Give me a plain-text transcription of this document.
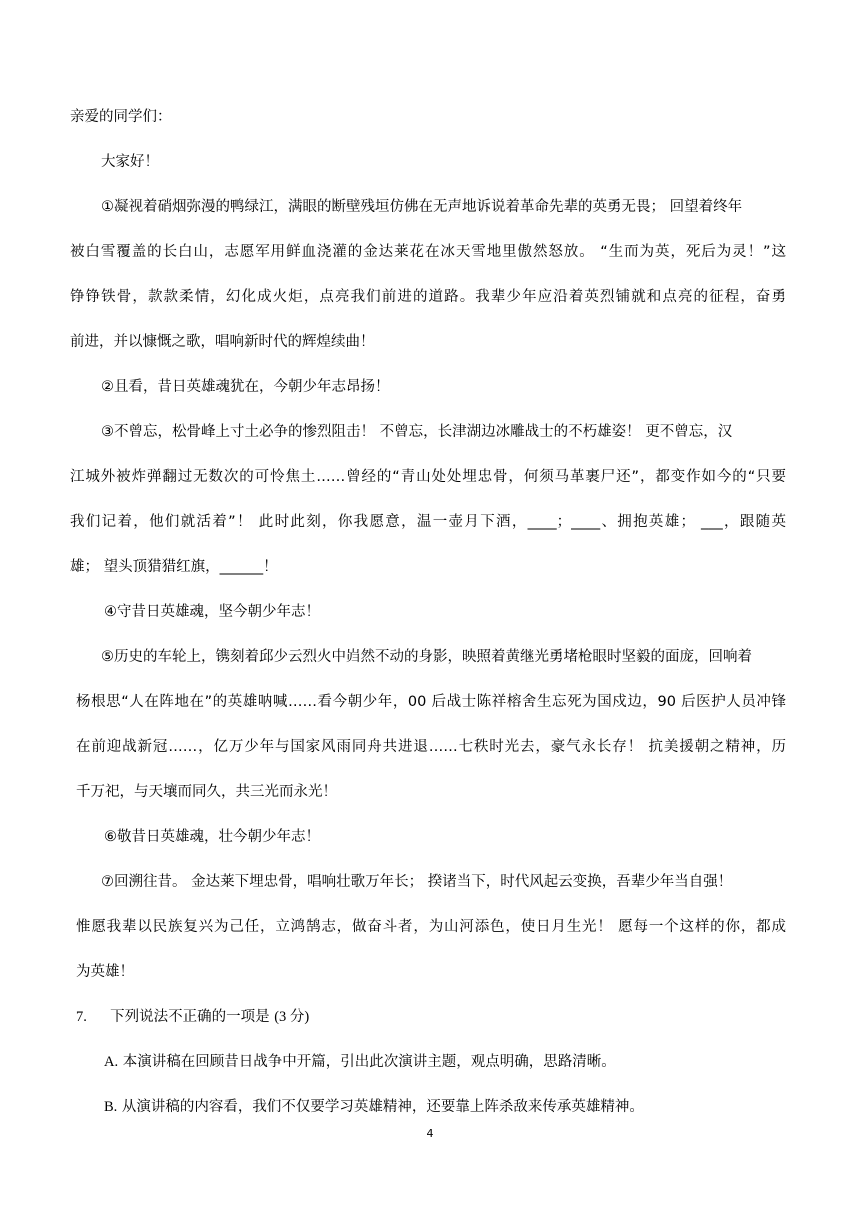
亲爱的同学们：
大家好！
①凝视着硝烟弥漫的鸭绿江，满眼的断壁残垣仿佛在无声地诉说着革命先辈的英勇无畏； 回望着终年
被白雪覆盖的长白山，志愿军用鲜血浇灌的金达莱花在冰天雪地里傲然怒放。 “生而为英，死后为灵！”这
铮铮铁骨，款款柔情，幻化成火炬，点亮我们前进的道路。我辈少年应沿着英烈铺就和点亮的征程，奋勇
前进，并以慷慨之歌，唱响新时代的辉煌续曲！
②且看，昔日英雄魂犹在，今朝少年志昂扬！
③不曾忘，松骨峰上寸土必争的惨烈阻击！ 不曾忘，长津湖边冰雕战士的不朽雄姿！ 更不曾忘，汉
江城外被炸弹翻过无数次的可怜焦土……曾经的“青山处处埋忠骨，何须马革裹尸还”，都变作如今的“只要
我们记着，他们就活着”！ 此时此刻，你我愿意，温一壶月下酒，____；____、拥抱英雄； ___，跟随英
雄； 望头顶猎猎红旗，______！
④守昔日英雄魂，坚今朝少年志！
⑤历史的车轮上，镌刻着邱少云烈火中岿然不动的身影，映照着黄继光勇堵枪眼时坚毅的面庞，回响着
杨根思“人在阵地在”的英雄呐喊……看今朝少年，00 后战士陈祥榕舍生忘死为国戍边，90 后医护人员冲锋
在前迎战新冠……，亿万少年与国家风雨同舟共进退……七秩时光去，豪气永长存！ 抗美援朝之精神，历
千万祀，与天壤而同久，共三光而永光！
⑥敬昔日英雄魂，壮今朝少年志！
⑦回溯往昔。 金达莱下埋忠骨，唱响壮歌万年长； 揆诸当下，时代风起云变换，吾辈少年当自强！
惟愿我辈以民族复兴为己任，立鸿鹄志，做奋斗者，为山河添色，使日月生光！ 愿每一个这样的你，都成
为英雄！
7. 下列说法不正确的一项是 (3 分)
A. 本演讲稿在回顾昔日战争中开篇，引出此次演讲主题，观点明确，思路清晰。
B. 从演讲稿的内容看，我们不仅要学习英雄精神，还要靠上阵杀敌来传承英雄精神。
4
